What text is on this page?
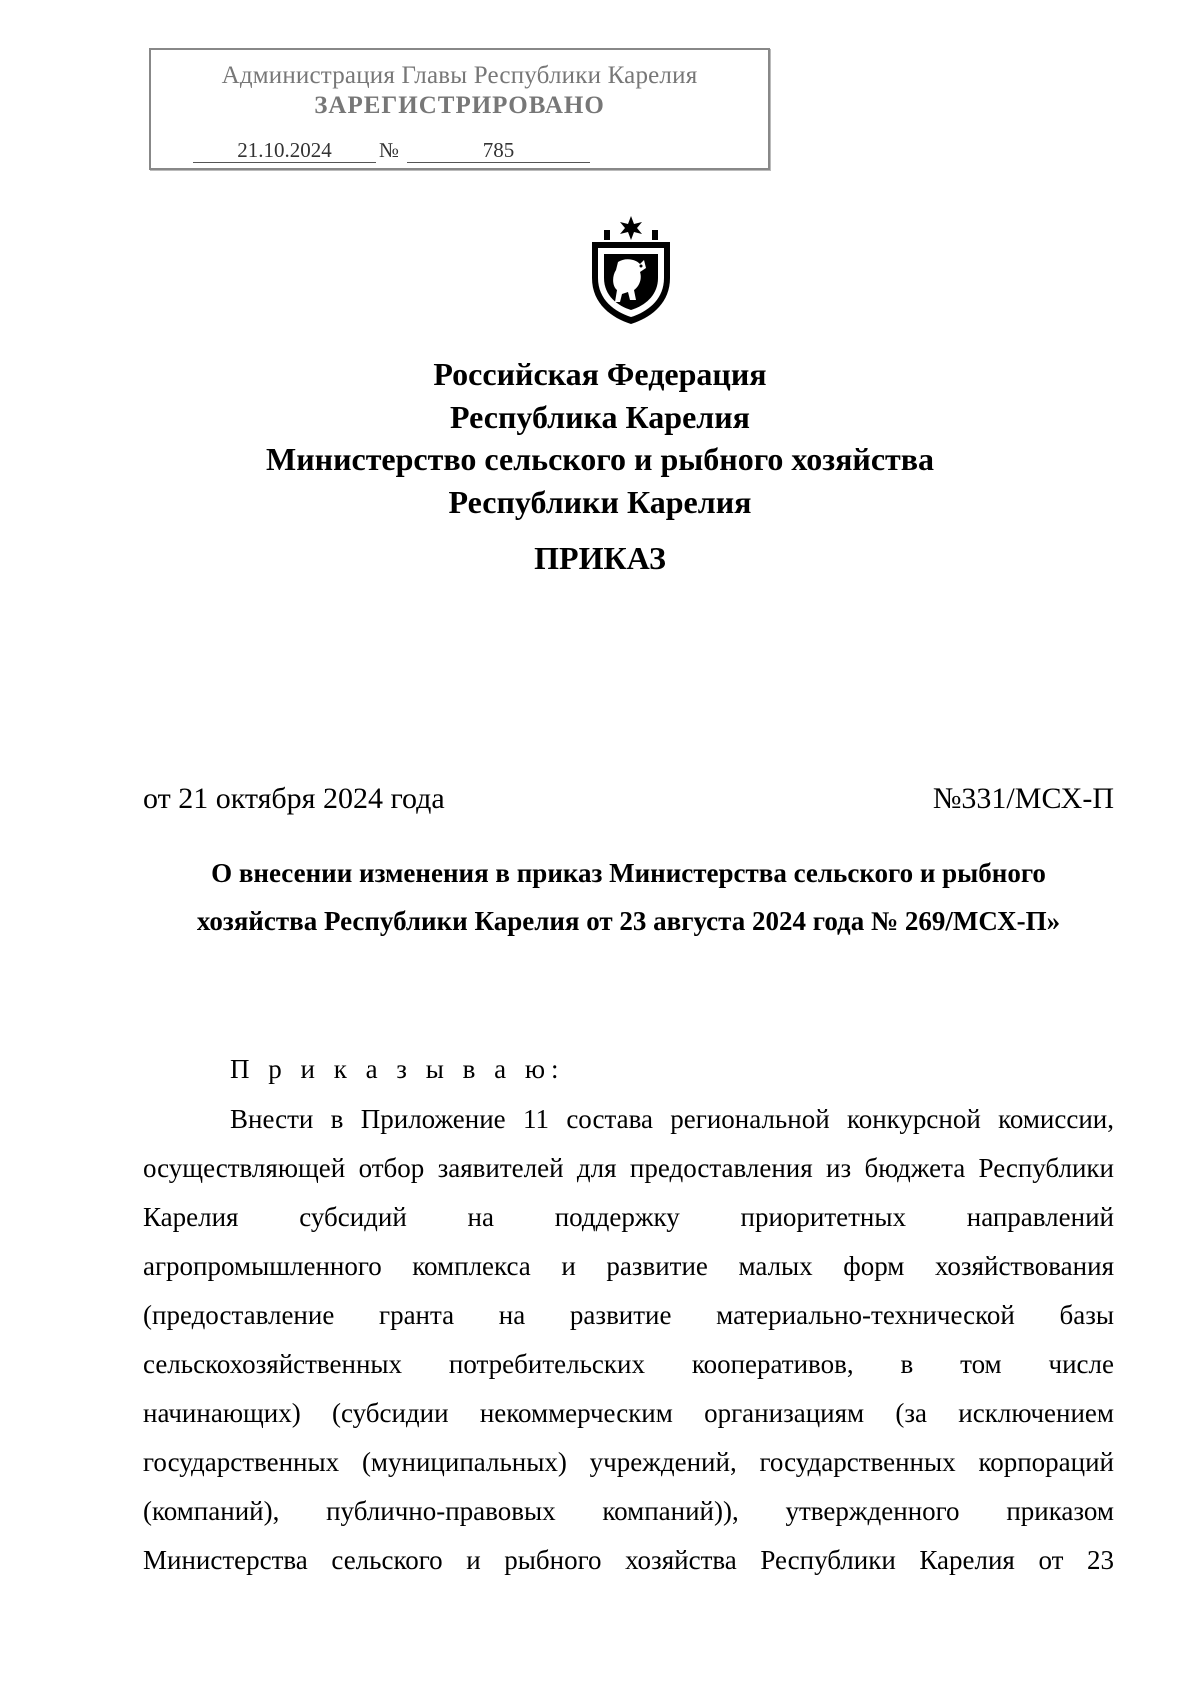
Администрация Главы Республики Карелия
ЗАРЕГИСТРИРОВАНО
21.10.2024	№	785
Российская Федерация
Республика Карелия
Министерство сельского и рыбного хозяйства
Республики Карелия
ПРИКАЗ
от 21 октября 2024 года	№331/МСХ-П
О внесении изменения в приказ Министерства сельского и рыбного
хозяйства Республики Карелия от 23 августа 2024 года № 269/МСХ-П»
П р и к а з ы в а ю:
Внести в Приложение 11 состава региональной конкурсной комиссии,
осуществляющей отбор заявителей для предоставления из бюджета Республики
Карелия субсидий на поддержку приоритетных направлений
агропромышленного комплекса и развитие малых форм хозяйствования
(предоставление гранта на развитие материально-технической базы
сельскохозяйственных потребительских кооперативов, в том числе
начинающих) (субсидии некоммерческим организациям (за исключением
государственных (муниципальных) учреждений, государственных корпораций
(компаний), публично-правовых компаний)), утвержденного приказом
Министерства сельского и рыбного хозяйства Республики Карелия от 23
